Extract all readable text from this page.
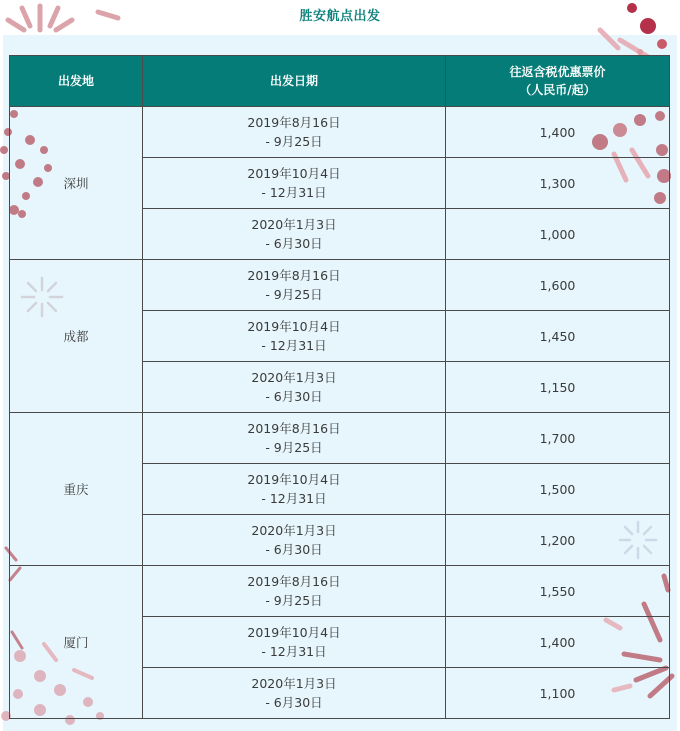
胜安航点出发
出发地	出发日期	往返含税优惠票价
（人民币/起）
深圳	2019年8月16日
- 9月25日	1,400

	2019年10月4日
- 12月31日	1,300

	2020年1月3日
- 6月30日	1,000
成都	2019年8月16日
- 9月25日	1,600

	2019年10月4日
- 12月31日	1,450

	2020年1月3日
- 6月30日	1,150
重庆	2019年8月16日
- 9月25日	1,700

	2019年10月4日
- 12月31日	1,500

	2020年1月3日
- 6月30日	1,200
厦门	2019年8月16日
- 9月25日	1,550

	2019年10月4日
- 12月31日	1,400

	2020年1月3日
- 6月30日	1,100
